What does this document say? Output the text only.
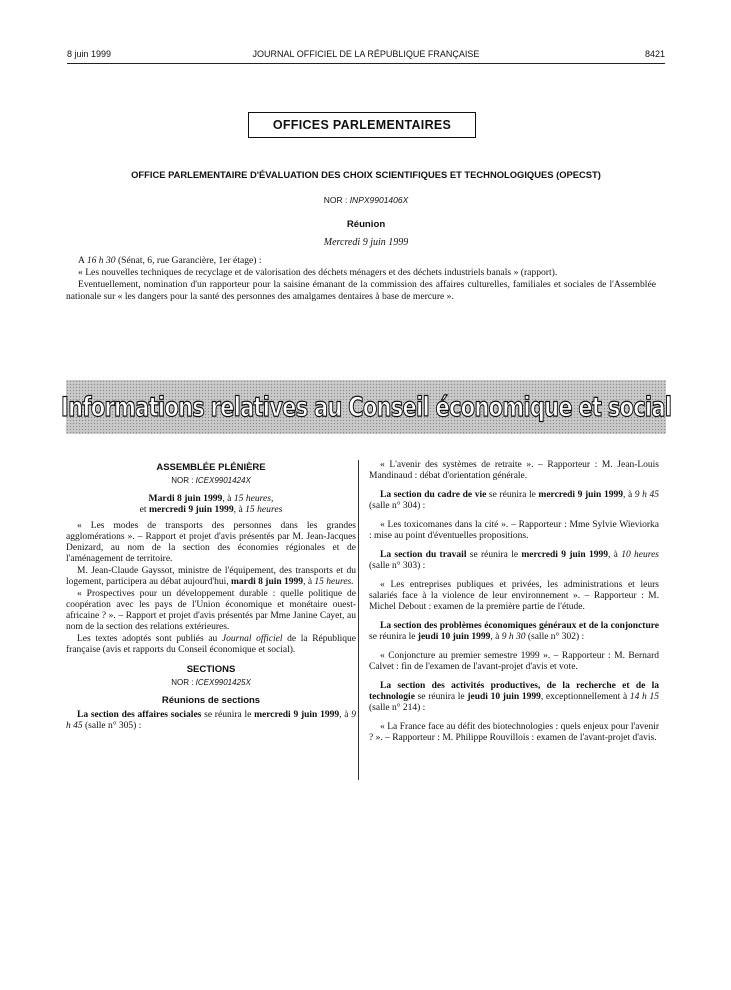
8 juin 1999	JOURNAL OFFICIEL DE LA RÉPUBLIQUE FRANÇAISE	8421
OFFICES PARLEMENTAIRES
OFFICE PARLEMENTAIRE D'ÉVALUATION DES CHOIX SCIENTIFIQUES ET TECHNOLOGIQUES (OPECST)
NOR : INPX9901406X
Réunion
Mercredi 9 juin 1999
A 16 h 30 (Sénat, 6, rue Garancière, 1er étage) :
« Les nouvelles techniques de recyclage et de valorisation des déchets ménagers et des déchets industriels banals » (rapport).
Eventuellement, nomination d'un rapporteur pour la saisine émanant de la commission des affaires culturelles, familiales et sociales de l'Assemblée nationale sur « les dangers pour la santé des personnes des amalgames dentaires à base de mercure ».
Informations relatives au Conseil économique et social
ASSEMBLÉE PLÉNIÈRE
NOR : ICEX9901424X
Mardi 8 juin 1999, à 15 heures,
et mercredi 9 juin 1999, à 15 heures

« Les modes de transports des personnes dans les grandes agglomérations ». – Rapport et projet d'avis présentés par M. Jean-Jacques Denizard, au nom de la section des économies régionales et de l'aménagement de territoire.

M. Jean-Claude Gayssot, ministre de l'équipement, des transports et du logement, participera au débat aujourd'hui, mardi 8 juin 1999, à 15 heures.

« Prospectives pour un développement durable : quelle politique de coopération avec les pays de l'Union économique et monétaire ouest-africaine ? ». – Rapport et projet d'avis présentés par Mme Janine Cayet, au nom de la section des relations extérieures.

Les textes adoptés sont publiés au Journal officiel de la République française (avis et rapports du Conseil économique et social).

SECTIONS
NOR : ICEX9901425X
Réunions de sections

La section des affaires sociales se réunira le mercredi 9 juin 1999, à 9 h 45 (salle n° 305) :

« L'avenir des systèmes de retraite ». – Rapporteur : M. Jean-Louis Mandinaud : débat d'orientation générale.

La section du cadre de vie se réunira le mercredi 9 juin 1999, à 9 h 45 (salle n° 304) :

« Les toxicomanes dans la cité ». – Rapporteur : Mme Sylvie Wieviorka : mise au point d'éventuelles propositions.

La section du travail se réunira le mercredi 9 juin 1999, à 10 heures (salle n° 303) :

« Les entreprises publiques et privées, les administrations et leurs salariés face à la violence de leur environnement ». – Rapporteur : M. Michel Debout : examen de la première partie de l'étude.

La section des problèmes économiques généraux et de la conjoncture se réunira le jeudi 10 juin 1999, à 9 h 30 (salle n° 302) :

« Conjoncture au premier semestre 1999 ». – Rapporteur : M. Bernard Calvet : fin de l'examen de l'avant-projet d'avis et vote.

La section des activités productives, de la recherche et de la technologie se réunira le jeudi 10 juin 1999, exceptionnellement à 14 h 15 (salle n° 214) :

« La France face au défit des biotechnologies : quels enjeux pour l'avenir ? ». – Rapporteur : M. Philippe Rouvillois : examen de l'avant-projet d'avis.
